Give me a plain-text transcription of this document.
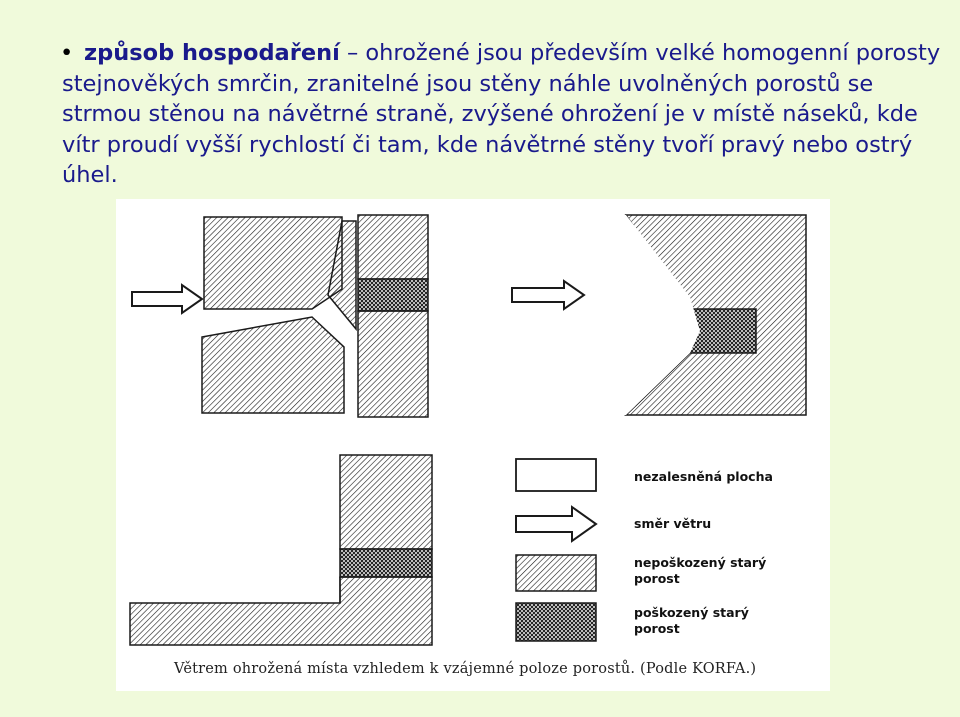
• způsob hospodaření – ohrožené jsou především velké homogenní porosty stejnověkých smrčin, zranitelné jsou stěny náhle uvolněných porostů se strmou stěnou na návětrné straně, zvýšené ohrožení je v místě náseků, kde vítr proudí vyšší rychlostí či tam, kde návětrné stěny tvoří pravý nebo ostrý úhel.
nezalesněná plocha
směr větru
nepoškozený starý
porost
poškozený starý
porost
Větrem ohrožená místa vzhledem k vzájemné poloze porostů. (Podle KORFA.)
